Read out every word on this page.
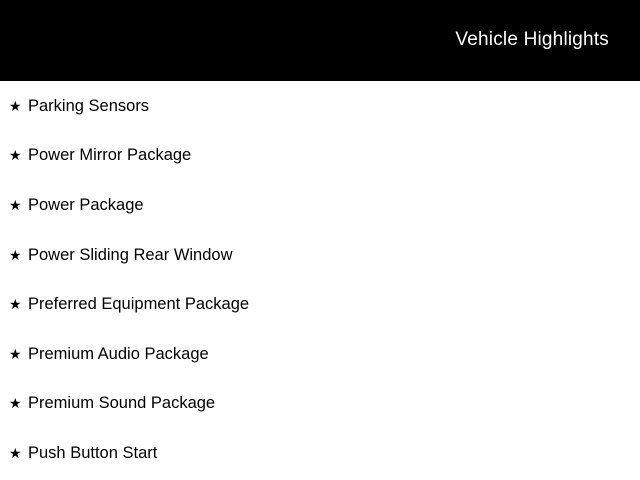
Vehicle Highlights
★ Parking Sensors
★ Power Mirror Package
★ Power Package
★ Power Sliding Rear Window
★ Preferred Equipment Package
★ Premium Audio Package
★ Premium Sound Package
★ Push Button Start
